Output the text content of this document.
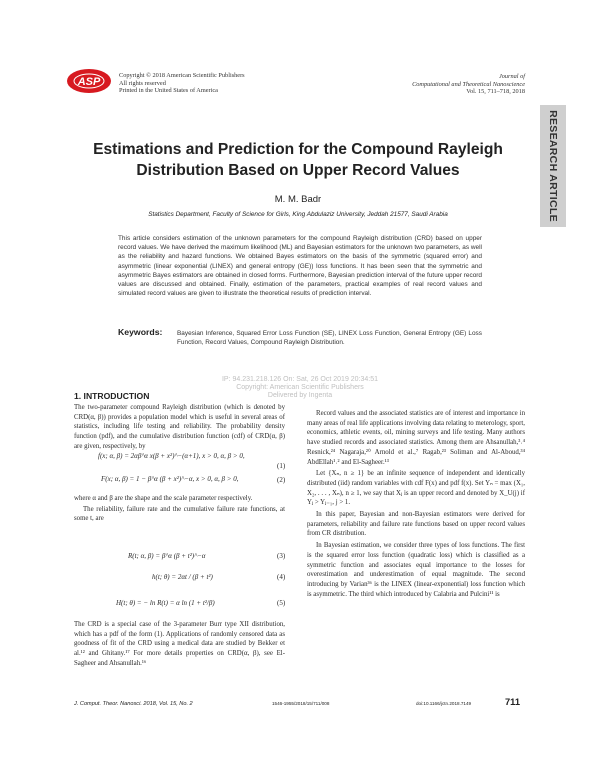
ASP
Copyright © 2018 American Scientific Publishers
All rights reserved
Printed in the United States of America
Journal of
Computational and Theoretical Nanoscience
Vol. 15, 711–718, 2018
RESEARCH ARTICLE
Estimations and Prediction for the Compound Rayleigh
Distribution Based on Upper Record Values
M. M. Badr
Statistics Department, Faculty of Science for Girls, King Abdulaziz University, Jeddah 21577, Saudi Arabia
This article considers estimation of the unknown parameters for the compound Rayleigh distribution (CRD) based on upper record values. We have derived the maximum likelihood (ML) and Bayesian estimators for the unknown two parameters, as well as the reliability and hazard functions. We obtained Bayes estimators on the basis of the symmetric (squared error) and asymmetric (linear exponential (LINEX) and general entropy (GE)) loss functions. It has been seen that the symmetric and asymmetric Bayes estimators are obtained in closed forms. Furthermore, Bayesian prediction interval of the future upper record values are discussed and obtained. Finally, estimation of the parameters, practical examples of real record values and simulated record values are given to illustrate the theoretical results of prediction interval.
Keywords: Bayesian Inference, Squared Error Loss Function (SE), LINEX Loss Function, General Entropy (GE) Loss Function, Record Values, Compound Rayleigh Distribution.
IP: 94.231.218.126 On: Sat, 26 Oct 2019 20:34:51
Copyright: American Scientific Publishers
Delivered by Ingenta
1. INTRODUCTION

The two-parameter compound Rayleigh distribution (which is denoted by CRD(α, β)) provides a population model which is useful in several areas of statistics, including life testing and reliability. The probability density function (pdf), and the cumulative distribution function (cdf) of CRD(α, β) are given, respectively, by

f(x; α, β) = 2αβ^α x(β + x²)^−(α+1), x > 0, α, β > 0,
(1)
F(x; α, β) = 1 − β^α (β + x²)^−α, x > 0, α, β > 0,	(2)

where α and β are the shape and the scale parameter respectively.

The reliability, failure rate and the cumulative failure rate functions, at some t, are

R(t; α, β) = β^α (β + t²)^−α	(3)
h(t; θ) = 2αt / (β + t²)	(4)
H(t; θ) = − ln R(t) = α ln (1 + t²/β)	(5)

The CRD is a special case of the 3-parameter Burr type XII distribution, which has a pdf of the form (1). Applications of randomly censored data as goodness of fit of the CRD using a medical data are studied by Bekker et al.¹² and Ghitany.¹⁷ For more details properties on CRD(α, β), see El-Sagheer and Ahsanullah.¹⁶

Record values and the associated statistics are of interest and importance in many areas of real life applications involving data relating to meterology, sport, economics, athletic events, oil, mining surveys and life testing. Many authors have studied records and associated statistics. Among them are Ahsanullah,³˒⁴ Resnick,²⁴ Nagaraja,²⁰ Arnold et al.,⁷ Ragab,²³ Soliman and Al-Aboud,³⁴ AbdEllah¹˒² and El-Sagheer.¹³

Let {Xₙ, n ≥ 1} be an infinite sequence of independent and identically distributed (iid) random variables with cdf F(x) and pdf f(x). Set Yₙ = max (X₁, X₂, . . . , Xₙ), n ≥ 1, we say that Xⱼ is an upper record and denoted by X_U(j) if Yⱼ > Yⱼ₋₁, j > 1.

In this paper, Bayesian and non-Bayesian estimators were derived for parameters, reliability and failure rate functions based on upper record values from CR distribution.

In Bayesian estimation, we consider three types of loss functions. The first is the squared error loss function (quadratic loss) which is classified as a symmetric function and associates equal importance to the losses for overestimation and underestimation of equal magnitude. The second introducing by Varian³⁶ is the LINEX (linear-exponential) loss function which is asymmetric. The third which introduced by Calabria and Pulcini¹¹ is

J. Comput. Theor. Nanosci. 2018, Vol. 15, No. 2	1546-1955/2018/15/711/008	doi:10.1166/jctn.2018.7149	711
